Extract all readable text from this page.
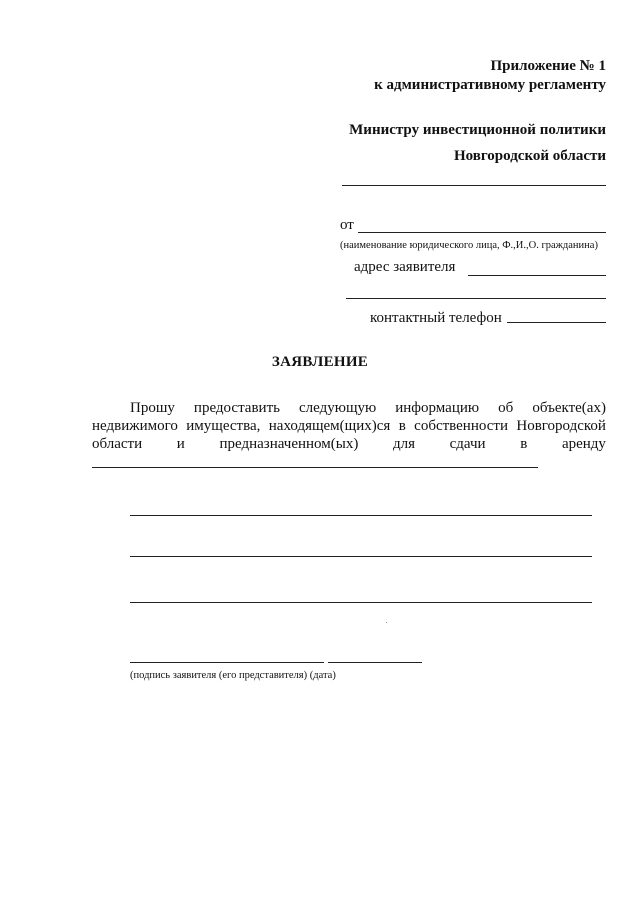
Приложение № 1
к административному регламенту
Министру инвестиционной политики
Новгородской области
от
(наименование юридического лица, Ф.,И.,О. гражданина)
адрес заявителя
контактный телефон
ЗАЯВЛЕНИЕ
Прошу предоставить следующую информацию об объекте(ах)
недвижимого имущества, находящем(щих)ся в собственности Новгородской
области и предназначенном(ых) для сдачи в аренду
(подпись заявителя (его представителя) (дата)
